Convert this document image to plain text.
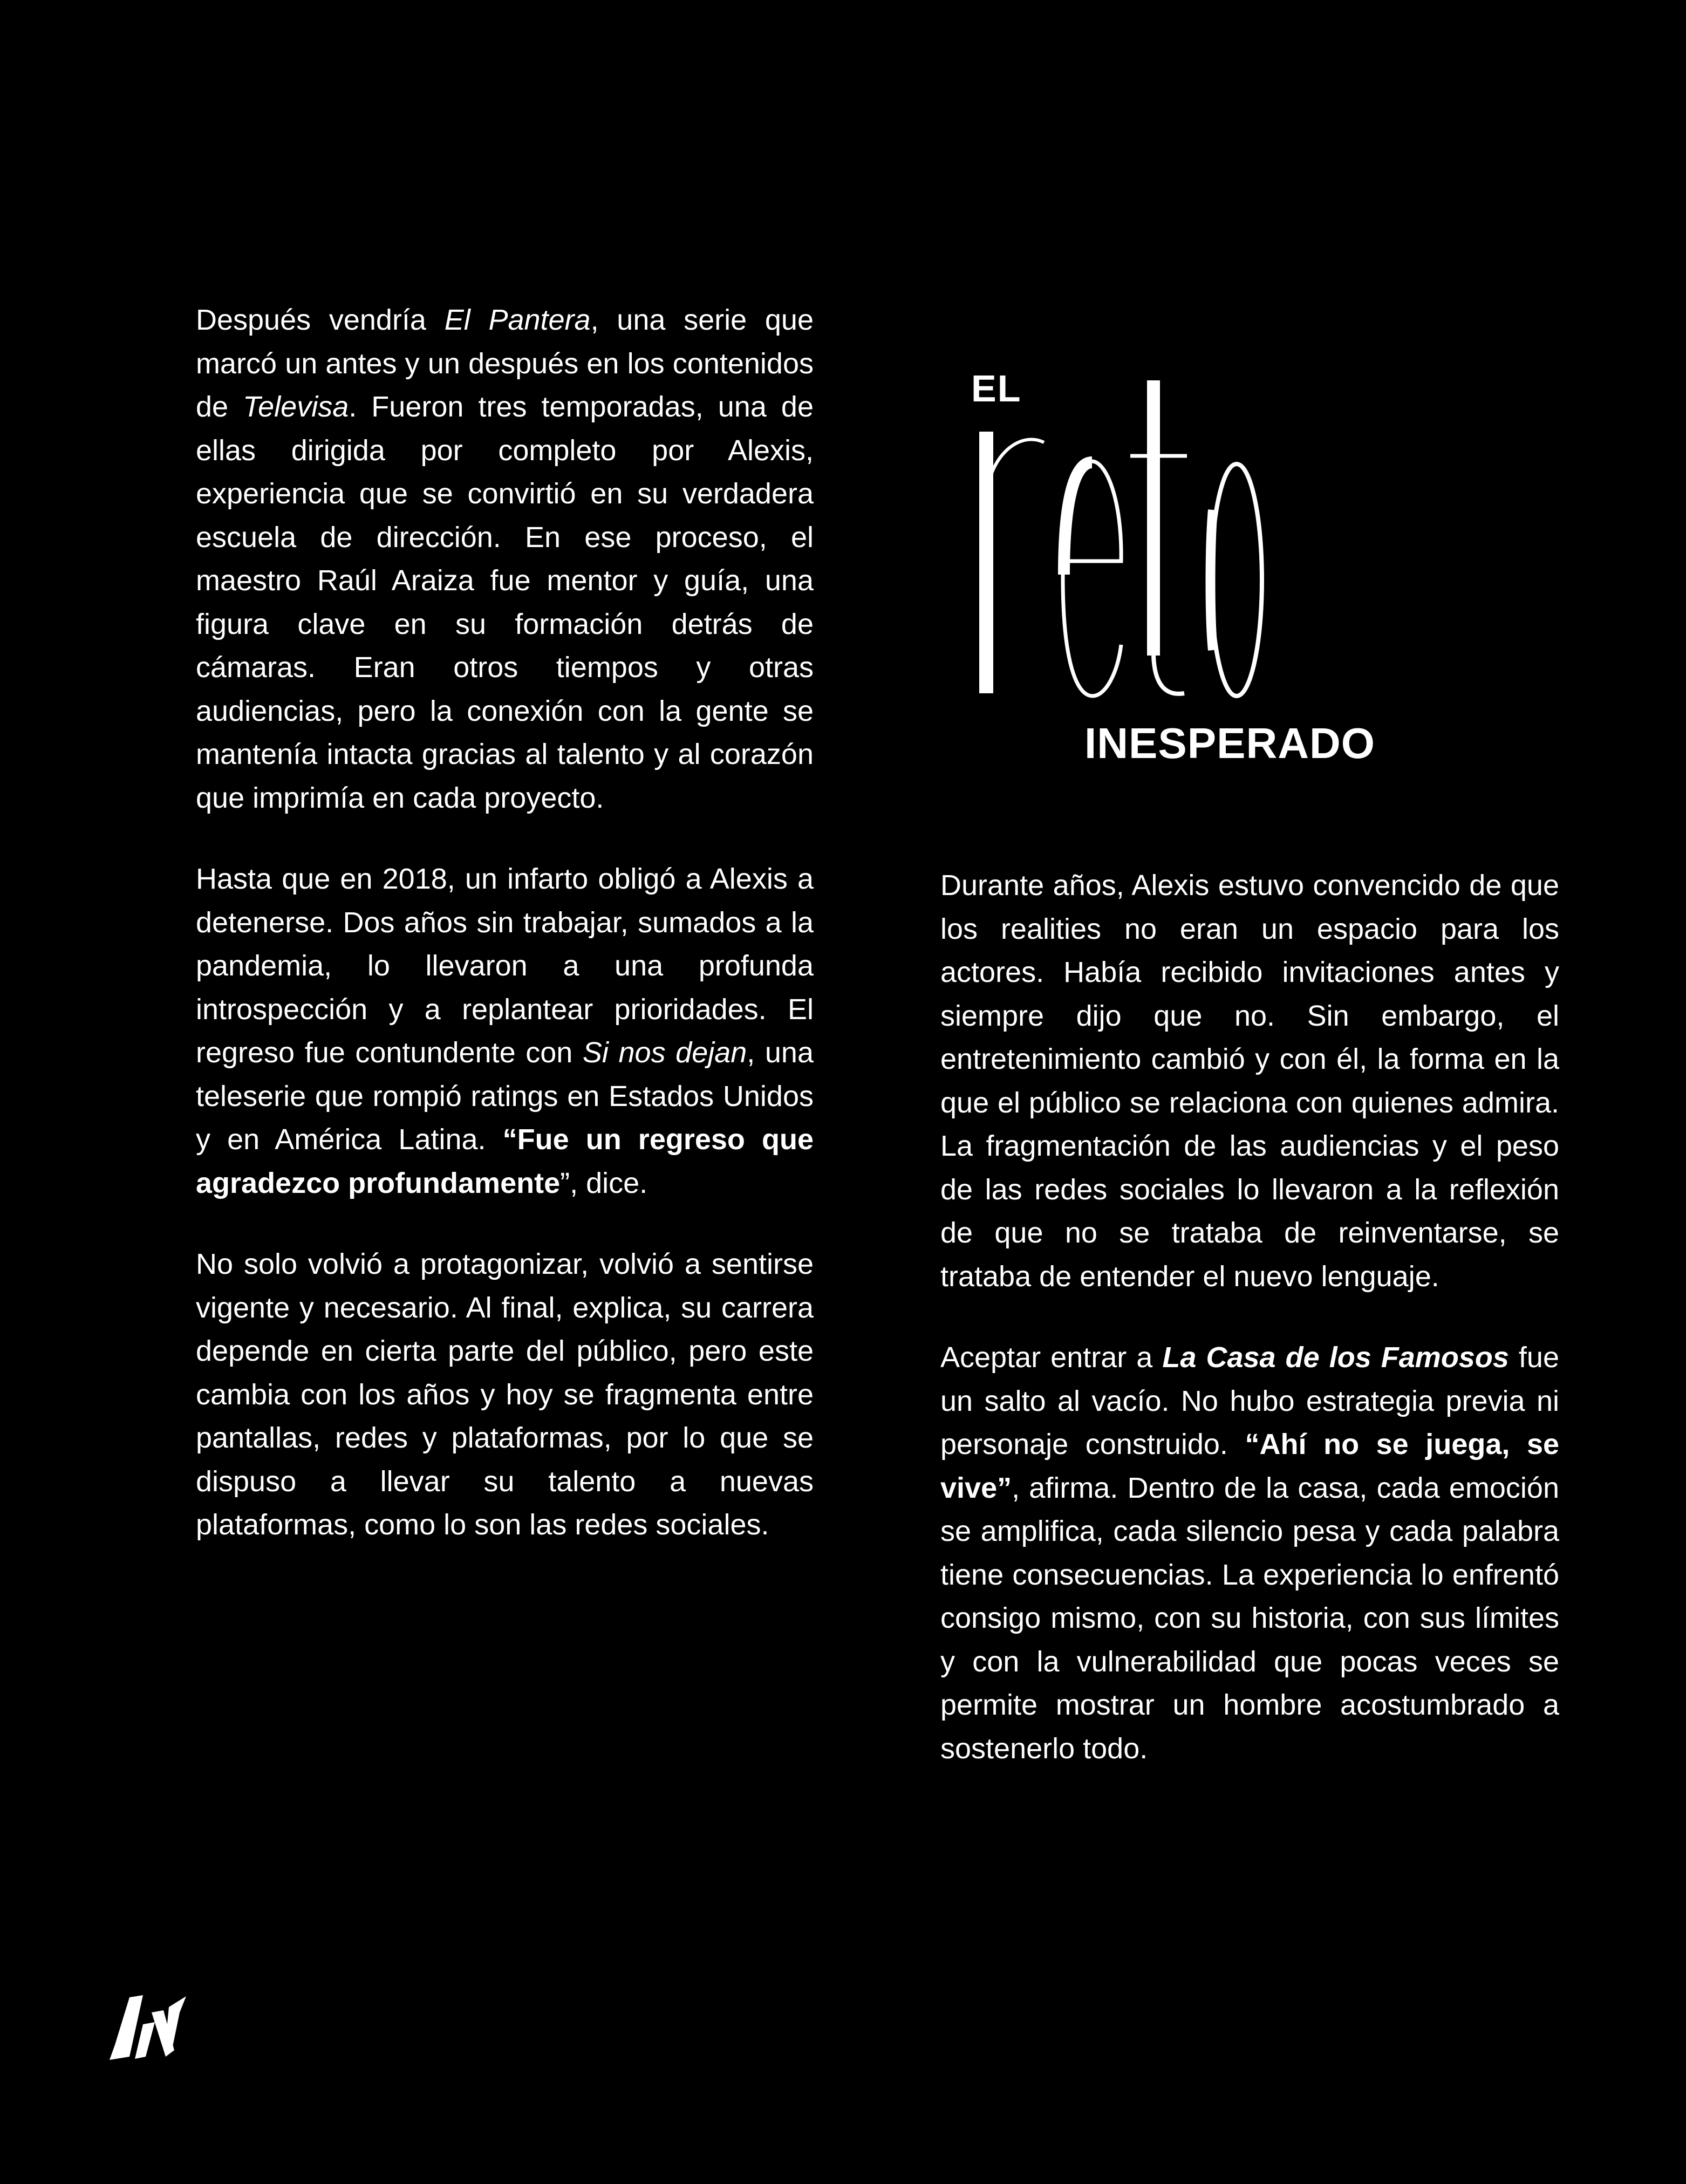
EL
INESPERADO

Después vendría El Pantera, una serie que marcó un antes y un después en los contenidos de Televisa. Fueron tres temporadas, una de ellas dirigida por completo por Alexis, experiencia que se convirtió en su verdadera escuela de dirección. En ese proceso, el maestro Raúl Araiza fue mentor y guía, una figura clave en su formación detrás de cámaras. Eran otros tiempos y otras audiencias, pero la conexión con la gente se mantenía intacta gracias al talento y al corazón que imprimía en cada proyecto.

Hasta que en 2018, un infarto obligó a Alexis a detenerse. Dos años sin trabajar, sumados a la pandemia, lo llevaron a una profunda introspección y a replantear prioridades. El regreso fue contundente con Si nos dejan, una teleserie que rompió ratings en Estados Unidos y en América Latina. “Fue un regreso que agradezco profundamente”, dice.

No solo volvió a protagonizar, volvió a sentirse vigente y necesario. Al final, explica, su carrera depende en cierta parte del público, pero este cambia con los años y hoy se fragmenta entre pantallas, redes y plataformas, por lo que se dispuso a llevar su talento a nuevas plataformas, como lo son las redes sociales.

Durante años, Alexis estuvo convencido de que los realities no eran un espacio para los actores. Había recibido invitaciones antes y siempre dijo que no. Sin embargo, el entretenimiento cambió y con él, la forma en la que el público se relaciona con quienes admira. La fragmentación de las audiencias y el peso de las redes sociales lo llevaron a la reflexión de que no se trataba de reinventarse, se trataba de entender el nuevo lenguaje.

Aceptar entrar a La Casa de los Famosos fue un salto al vacío. No hubo estrategia previa ni personaje construido. “Ahí no se juega, se vive”, afirma. Dentro de la casa, cada emoción se amplifica, cada silencio pesa y cada palabra tiene consecuencias. La experiencia lo enfrentó consigo mismo, con su historia, con sus límites y con la vulnerabilidad que pocas veces se permite mostrar un hombre acostumbrado a sostenerlo todo.
